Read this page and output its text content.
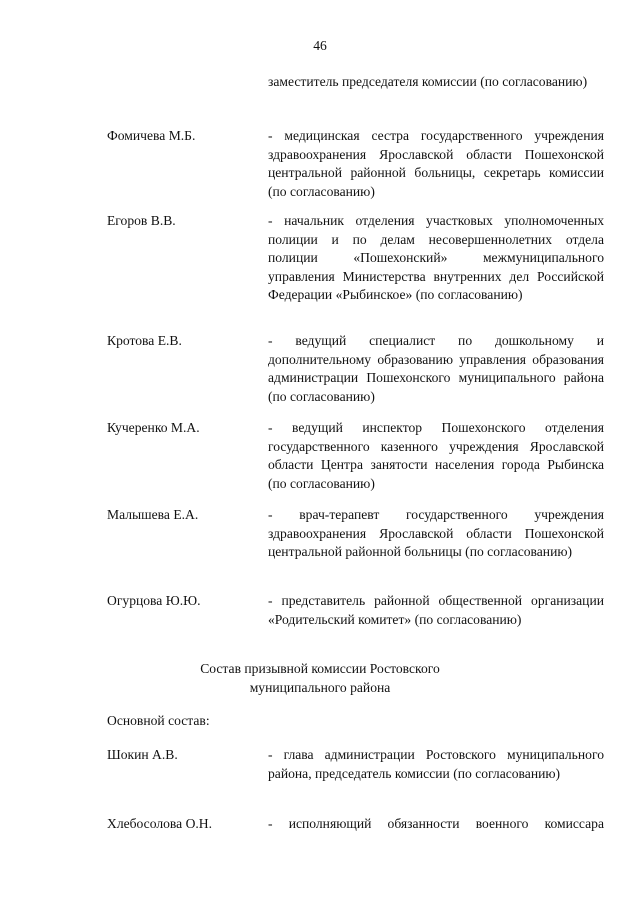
46
заместитель председателя комиссии (по согласованию)
Фомичева М.Б.	- медицинская сестра государственного учреждения здравоохранения Ярославской области Пошехонской центральной районной больницы, секретарь комиссии (по согласованию)
Егоров В.В.	- начальник отделения участковых уполномоченных полиции и по делам несовершеннолетних отдела полиции «Пошехонский» межмуниципального управления Министерства внутренних дел Российской Федерации «Рыбинское» (по согласованию)
Кротова Е.В.	- ведущий специалист по дошкольному и дополнительному образованию управления образования администрации Пошехонского муниципального района (по согласованию)
Кучеренко М.А.	- ведущий инспектор Пошехонского отделения государственного казенного учреждения Ярославской области Центра занятости населения города Рыбинска (по согласованию)
Малышева Е.А.	- врач-терапевт государственного учреждения здравоохранения Ярославской области Пошехонской центральной районной больницы (по согласованию)
Огурцова Ю.Ю.	- представитель районной общественной организации «Родительский комитет» (по согласованию)
Состав призывной комиссии Ростовского
муниципального района
Основной состав:
Шокин А.В.	- глава администрации Ростовского муниципального района, председатель комиссии (по согласованию)
Хлебосолова О.Н.	- исполняющий обязанности военного комиссара
